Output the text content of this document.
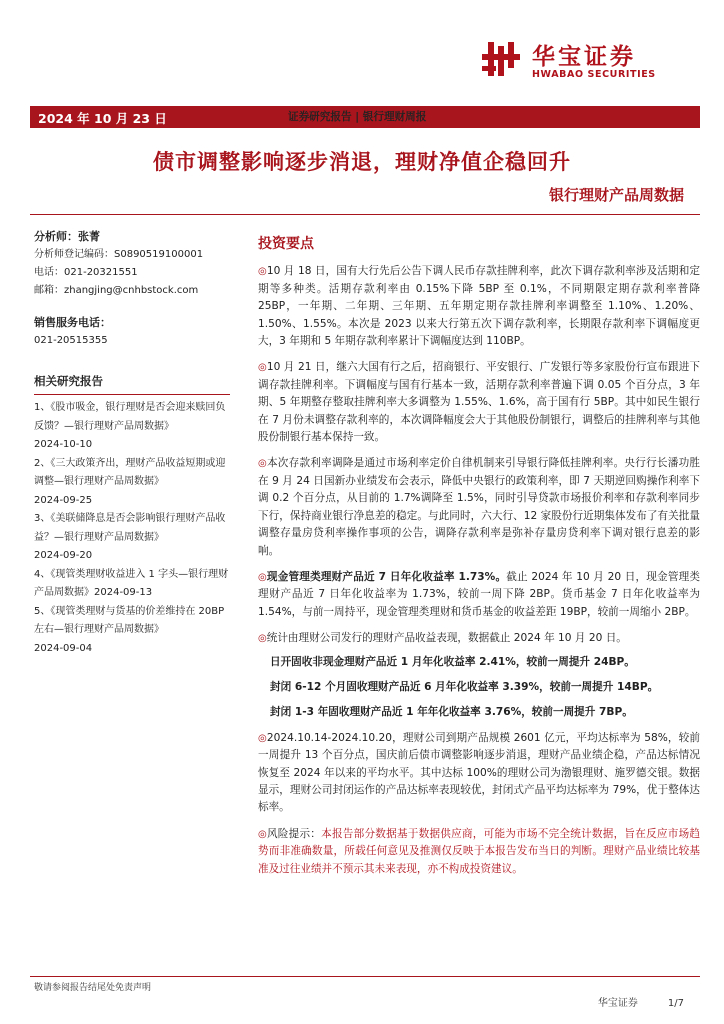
华宝证券
HWABAO SECURITIES
2024 年 10 月 23 日	证券研究报告 | 银行理财周报
债市调整影响逐步消退，理财净值企稳回升
银行理财产品周数据
分析师：张菁
分析师登记编码：S0890519100001
电话：021-20321551
邮箱：zhangjing@cnhbstock.com
销售服务电话：
021-20515355
相关研究报告
1、《股市吸金，银行理财是否会迎来赎回负反馈？—银行理财产品周数据》
2024-10-10
2、《三大政策齐出，理财产品收益短期或迎调整—银行理财产品周数据》
2024-09-25
3、《美联储降息是否会影响银行理财产品收益？—银行理财产品周数据》
2024-09-20
4、《现管类理财收益进入 1 字头—银行理财产品周数据》2024-09-13
5、《现管类理财与货基的价差维持在 20BP 左右—银行理财产品周数据》
2024-09-04
投资要点
◎10 月 18 日，国有大行先后公告下调人民币存款挂牌利率，此次下调存款利率涉及活期和定期等多种类。活期存款利率由 0.15%下降 5BP 至 0.1%，不同期限定期存款利率普降 25BP，一年期、二年期、三年期、五年期定期存款挂牌利率调整至 1.10%、1.20%、1.50%、1.55%。本次是 2023 以来大行第五次下调存款利率，长期限存款利率下调幅度更大，3 年期和 5 年期存款利率累计下调幅度达到 110BP。
◎10 月 21 日，继六大国有行之后，招商银行、平安银行、广发银行等多家股份行宣布跟进下调存款挂牌利率。下调幅度与国有行基本一致，活期存款利率普遍下调 0.05 个百分点，3 年期、5 年期整存整取挂牌利率大多调整为 1.55%、1.6%，高于国有行 5BP。其中如民生银行在 7 月份未调整存款利率的，本次调降幅度会大于其他股份制银行，调整后的挂牌利率与其他股份制银行基本保持一致。
◎本次存款利率调降是通过市场利率定价自律机制来引导银行降低挂牌利率。央行行长潘功胜在 9 月 24 日国新办业绩发布会表示，降低中央银行的政策利率，即 7 天期逆回购操作利率下调 0.2 个百分点，从目前的 1.7%调降至 1.5%，同时引导贷款市场报价利率和存款利率同步下行，保持商业银行净息差的稳定。与此同时，六大行、12 家股份行近期集体发布了有关批量调整存量房贷利率操作事项的公告，调降存款利率是弥补存量房贷利率下调对银行息差的影响。
◎现金管理类理财产品近 7 日年化收益率 1.73%。截止 2024 年 10 月 20 日，现金管理类理财产品近 7 日年化收益率为 1.73%，较前一周下降 2BP。货币基金 7 日年化收益率为 1.54%，与前一周持平，现金管理类理财和货币基金的收益差距 19BP，较前一周缩小 2BP。
◎统计由理财公司发行的理财产品收益表现，数据截止 2024 年 10 月 20 日。
日开固收非现金理财产品近 1 月年化收益率 2.41%，较前一周提升 24BP。
封闭 6-12 个月固收理财产品近 6 月年化收益率 3.39%，较前一周提升 14BP。
封闭 1-3 年固收理财产品近 1 年年化收益率 3.76%，较前一周提升 7BP。
◎2024.10.14-2024.10.20，理财公司到期产品规模 2601 亿元，平均达标率为 58%，较前一周提升 13 个百分点，国庆前后债市调整影响逐步消退，理财产品业绩企稳，产品达标情况恢复至 2024 年以来的平均水平。其中达标 100%的理财公司为渤银理财、施罗德交银。数据显示，理财公司封闭运作的产品达标率表现较优，封闭式产品平均达标率为 79%，优于整体达标率。
◎风险提示：本报告部分数据基于数据供应商，可能为市场不完全统计数据，旨在反应市场趋势而非准确数量，所载任何意见及推测仅反映于本报告发布当日的判断。理财产品业绩比较基准及过往业绩并不预示其未来表现，亦不构成投资建议。
敬请参阅报告结尾处免责声明
华宝证券	1/7
